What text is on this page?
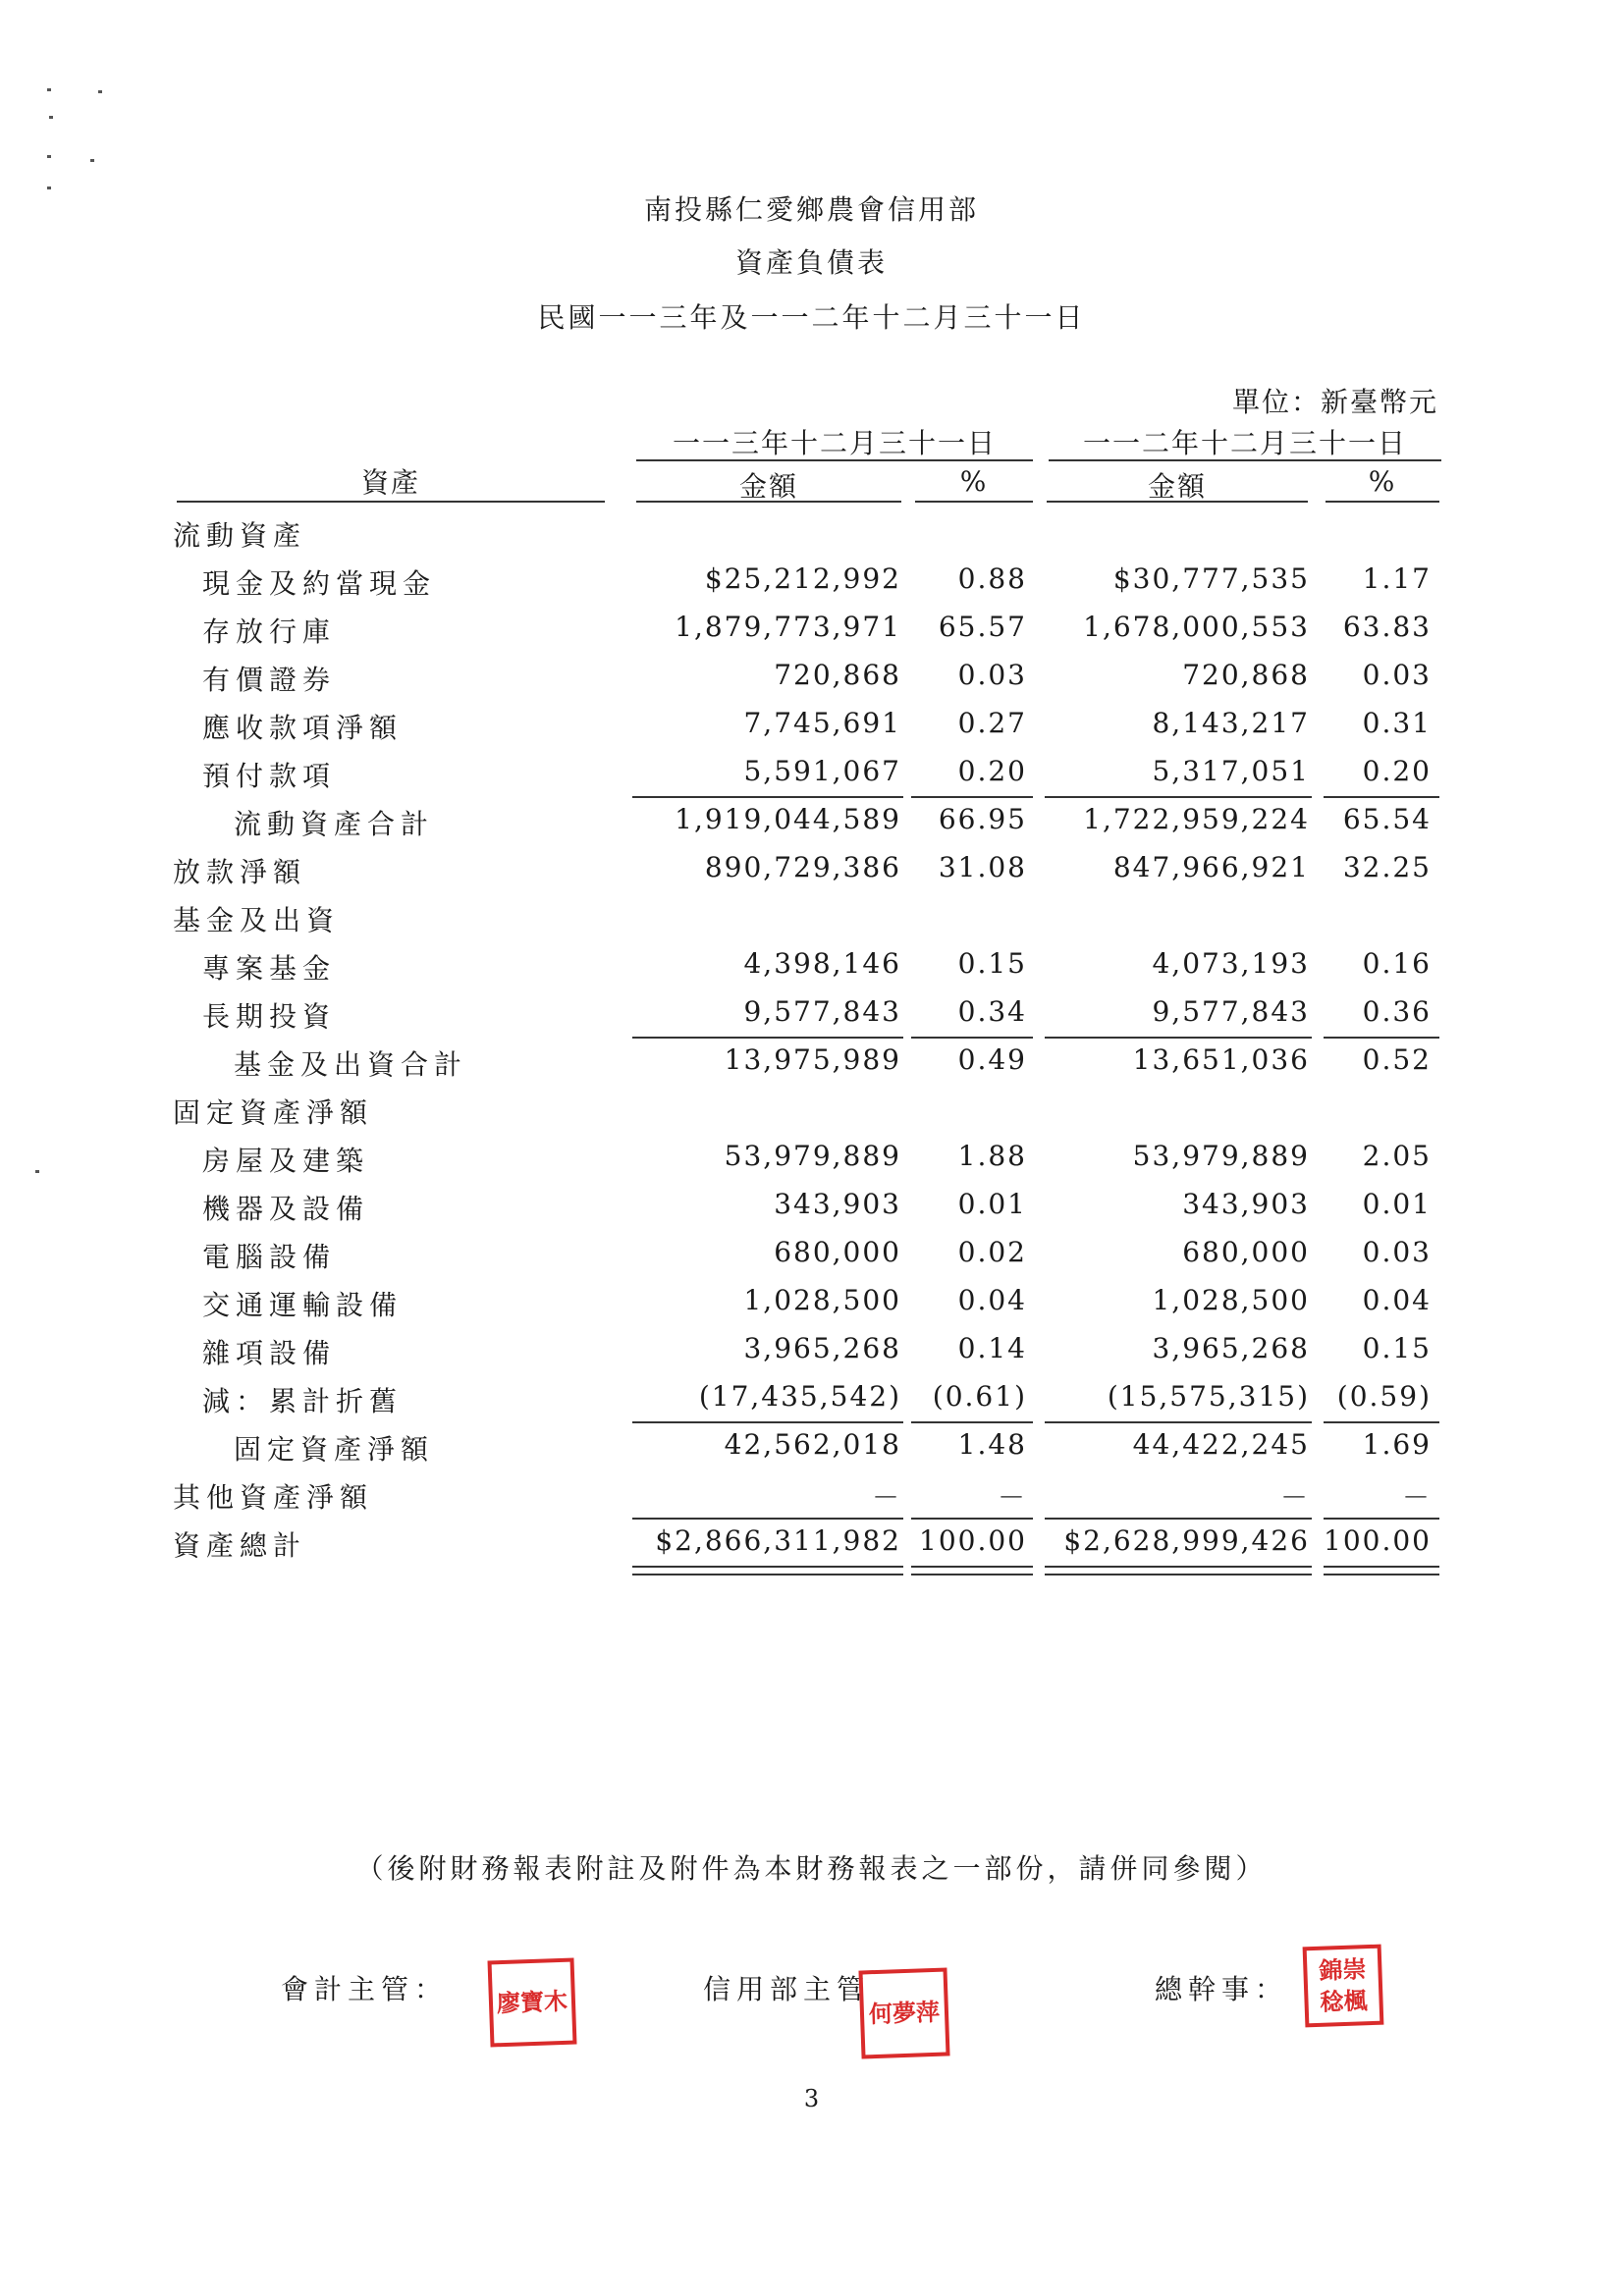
南投縣仁愛鄉農會信用部
資產負債表
民國一一三年及一一二年十二月三十一日
單位：新臺幣元
一一三年十二月三十一日	一一二年十二月三十一日
資產	金額	%	金額	%
流動資產
現金及約當現金	$25,212,992	0.88	$30,777,535	1.17
存放行庫	1,879,773,971	65.57	1,678,000,553	63.83
有價證券	720,868	0.03	720,868	0.03
應收款項淨額	7,745,691	0.27	8,143,217	0.31
預付款項	5,591,067	0.20	5,317,051	0.20
流動資產合計	1,919,044,589	66.95	1,722,959,224	65.54
放款淨額	890,729,386	31.08	847,966,921	32.25
基金及出資
專案基金	4,398,146	0.15	4,073,193	0.16
長期投資	9,577,843	0.34	9,577,843	0.36
基金及出資合計	13,975,989	0.49	13,651,036	0.52
固定資產淨額
房屋及建築	53,979,889	1.88	53,979,889	2.05
機器及設備	343,903	0.01	343,903	0.01
電腦設備	680,000	0.02	680,000	0.03
交通運輸設備	1,028,500	0.04	1,028,500	0.04
雜項設備	3,965,268	0.14	3,965,268	0.15
減：累計折舊	(17,435,542)	(0.61)	(15,575,315) (0.59)
固定資產淨額	42,562,018	1.48	44,422,245	1.69
其他資產淨額	－	－	－	－
資產總計	$2,866,311,982 100.00	$2,628,999,426 100.00
（後附財務報表附註及附件為本財務報表之一部份，請併同參閱）
會計主管： 廖寶木	信用部主管
何夢萍
總幹事：
錦崇稔楓
3
